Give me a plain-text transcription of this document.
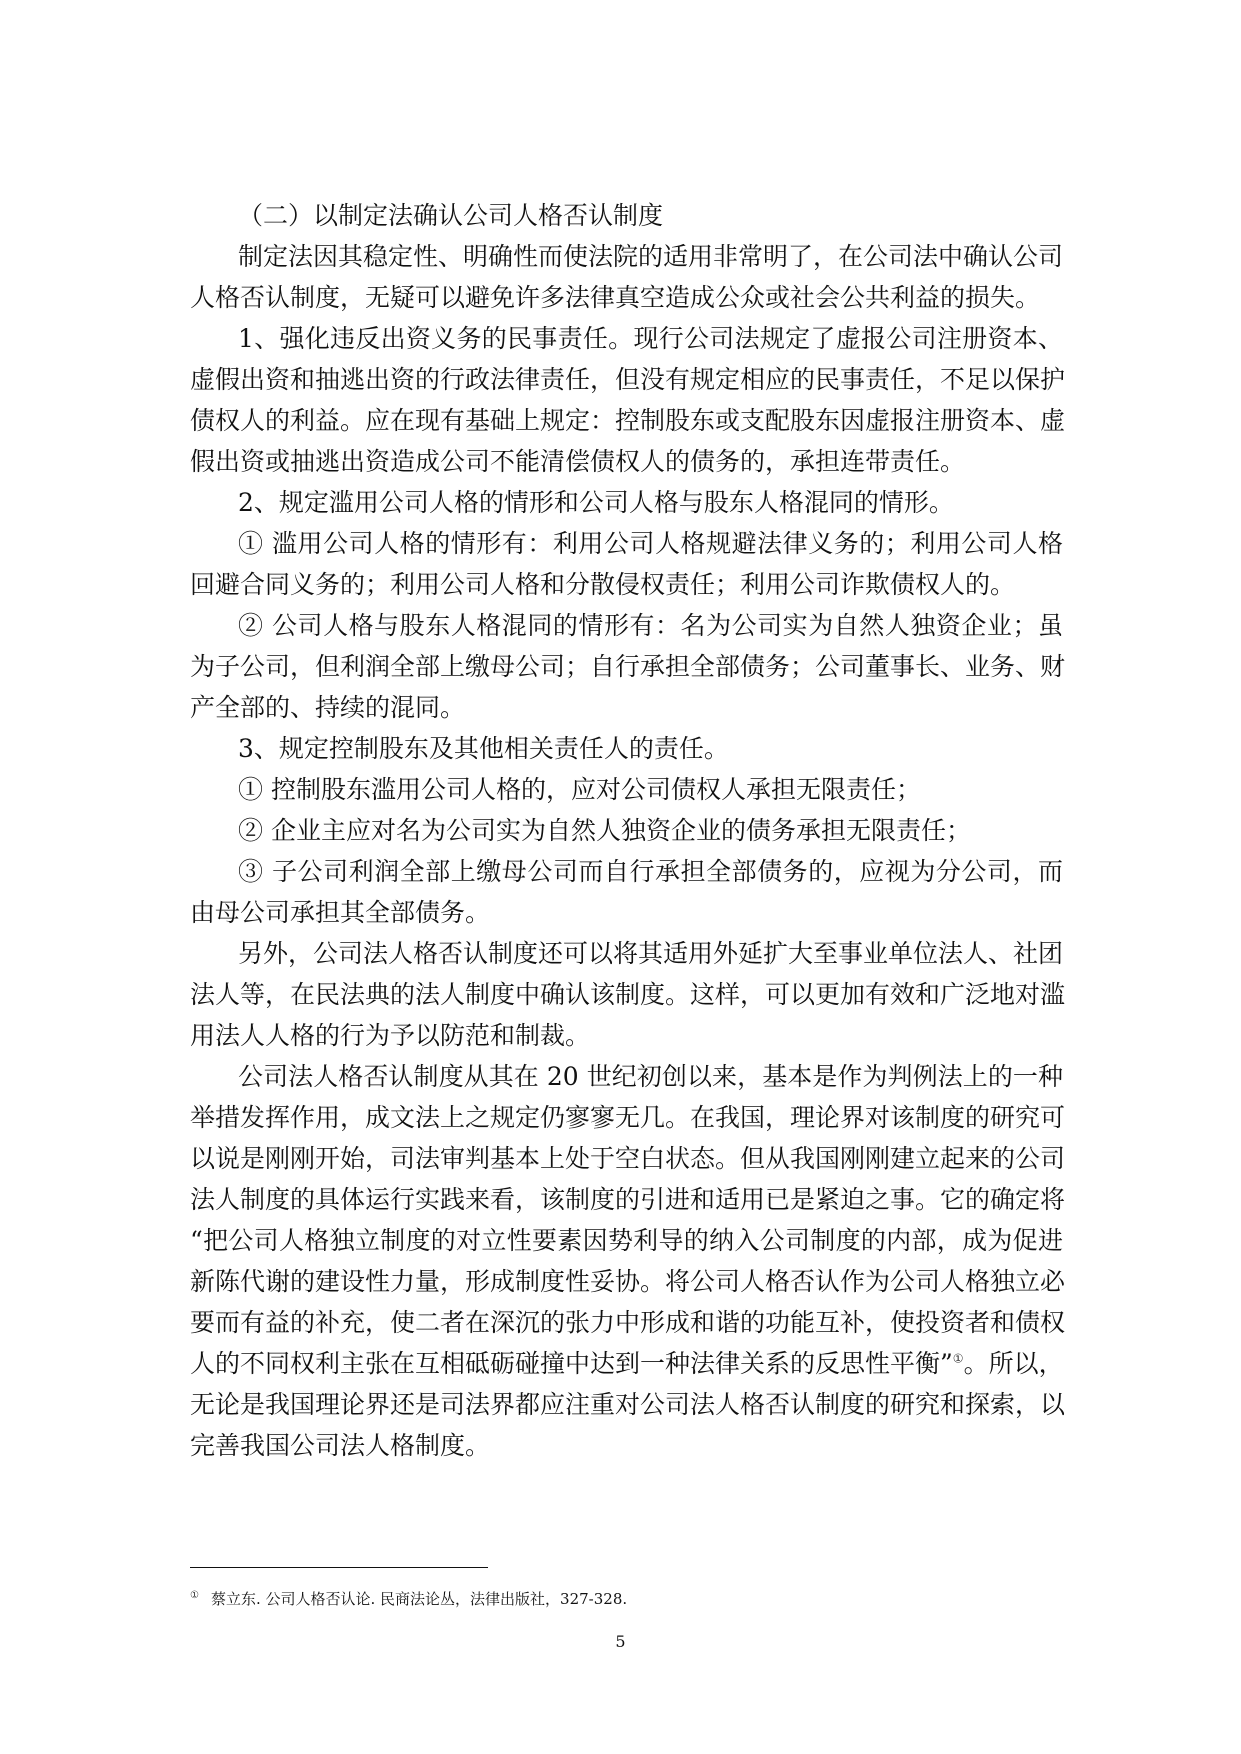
（二）以制定法确认公司人格否认制度
制定法因其稳定性、明确性而使法院的适用非常明了，在公司法中确认公司
人格否认制度，无疑可以避免许多法律真空造成公众或社会公共利益的损失。
1、强化违反出资义务的民事责任。现行公司法规定了虚报公司注册资本、
虚假出资和抽逃出资的行政法律责任，但没有规定相应的民事责任，不足以保护
债权人的利益。应在现有基础上规定：控制股东或支配股东因虚报注册资本、虚
假出资或抽逃出资造成公司不能清偿债权人的债务的，承担连带责任。
2、规定滥用公司人格的情形和公司人格与股东人格混同的情形。
① 滥用公司人格的情形有：利用公司人格规避法律义务的；利用公司人格
回避合同义务的；利用公司人格和分散侵权责任；利用公司诈欺债权人的。
② 公司人格与股东人格混同的情形有：名为公司实为自然人独资企业；虽
为子公司，但利润全部上缴母公司；自行承担全部债务；公司董事长、业务、财
产全部的、持续的混同。
3、规定控制股东及其他相关责任人的责任。
① 控制股东滥用公司人格的，应对公司债权人承担无限责任；
② 企业主应对名为公司实为自然人独资企业的债务承担无限责任；
③ 子公司利润全部上缴母公司而自行承担全部债务的，应视为分公司，而
由母公司承担其全部债务。
另外，公司法人格否认制度还可以将其适用外延扩大至事业单位法人、社团
法人等，在民法典的法人制度中确认该制度。这样，可以更加有效和广泛地对滥
用法人人格的行为予以防范和制裁。
公司法人格否认制度从其在 20 世纪初创以来，基本是作为判例法上的一种
举措发挥作用，成文法上之规定仍寥寥无几。在我国，理论界对该制度的研究可
以说是刚刚开始，司法审判基本上处于空白状态。但从我国刚刚建立起来的公司
法人制度的具体运行实践来看，该制度的引进和适用已是紧迫之事。它的确定将
“把公司人格独立制度的对立性要素因势利导的纳入公司制度的内部，成为促进
新陈代谢的建设性力量，形成制度性妥协。将公司人格否认作为公司人格独立必
要而有益的补充，使二者在深沉的张力中形成和谐的功能互补，使投资者和债权
人的不同权利主张在互相砥砺碰撞中达到一种法律关系的反思性平衡”①。所以，
无论是我国理论界还是司法界都应注重对公司法人格否认制度的研究和探索，以
完善我国公司法人格制度。
① 蔡立东. 公司人格否认论. 民商法论丛，法律出版社，327-328.
5
